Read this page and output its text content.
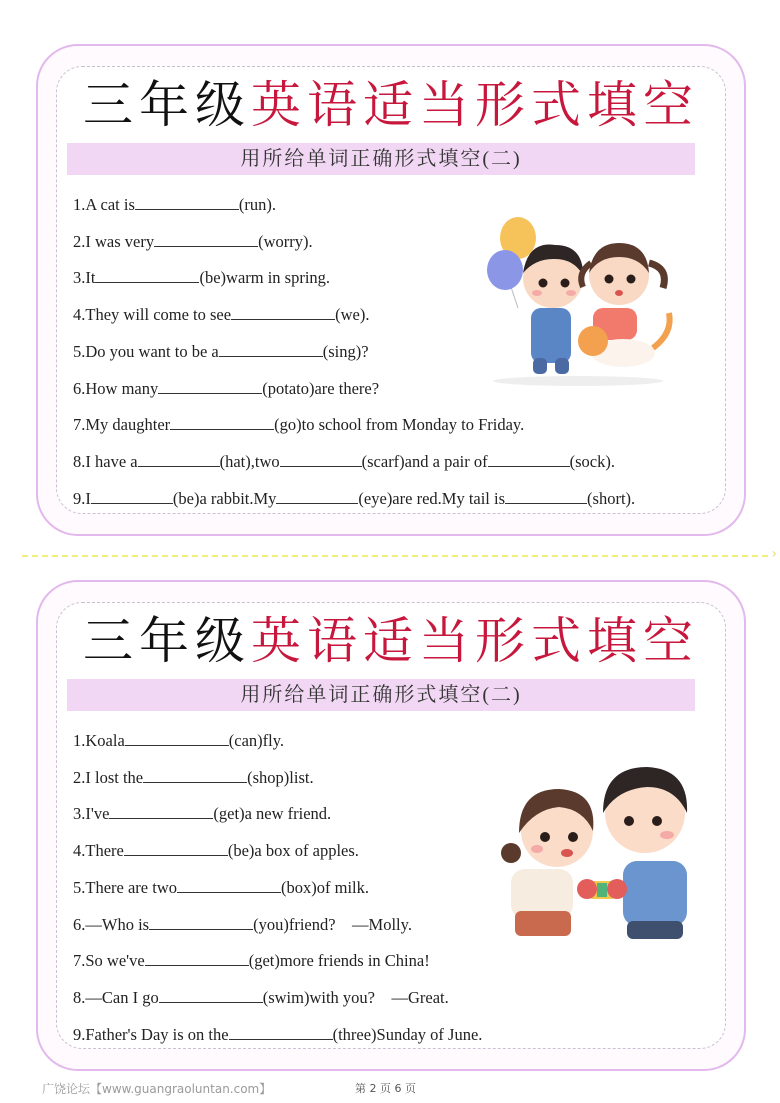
三年级英语适当形式填空
用所给单词正确形式填空(二)
1.A cat is	(run).
2.I was very	(worry).
3.It	(be)warm in spring.
4.They will come to see	(we).
5.Do you want to be a	(sing)?
6.How many	(potato)are there?
7.My daughter	(go)to school from Monday to Friday.
8.I have a	(hat),two	(scarf)and a pair of	(sock).
9.I	(be)a rabbit.My	(eye)are red.My tail is	(short).
›
三年级英语适当形式填空
用所给单词正确形式填空(二)
1.Koala	(can)fly.
2.I lost the	(shop)list.
3.I've	(get)a new friend.
4.There	(be)a box of apples.
5.There are two	(box)of milk.
6.—Who is	(you)friend?　—Molly.
7.So we've	(get)more friends in China!
8.—Can I go	(swim)with you?　—Great.
9.Father's Day is on the	(three)Sunday of June.
广饶论坛【www.guangraoluntan.com】	第 2 页 6 页
